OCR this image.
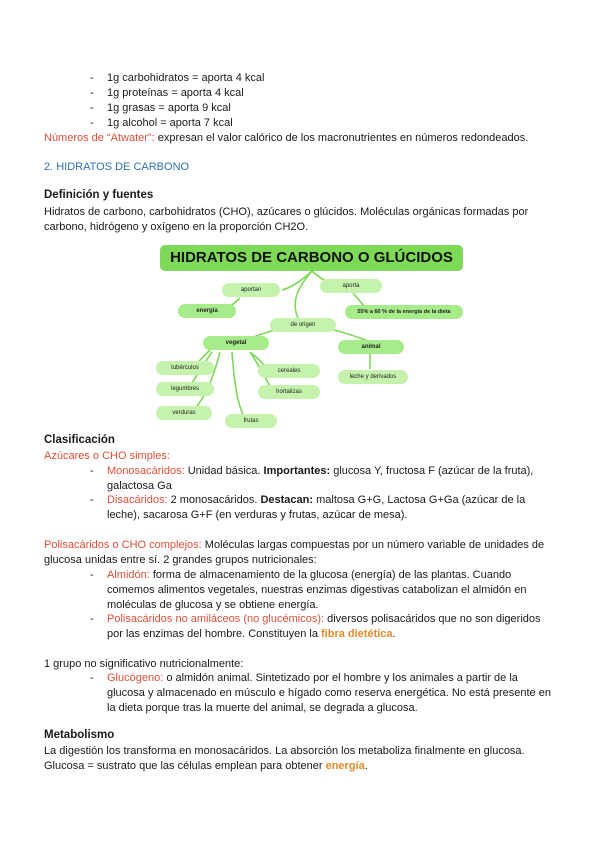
- 1g carbohidratos = aporta 4 kcal
- 1g proteínas = aporta 4 kcal
- 1g grasas = aporta 9 kcal
- 1g alcohol = aporta 7 kcal
Números de “Atwater”: expresan el valor calórico de los macronutrientes en números redondeados.
2. HIDRATOS DE CARBONO
Definición y fuentes
Hidratos de carbono, carbohidratos (CHO), azúcares o glúcidos. Moléculas orgánicas formadas por
carbono, hidrógeno y oxígeno en la proporción CH2O.
HIDRATOS DE CARBONO O GLÚCIDOS
aportan
energía
aporta
55% a 60 % de la energía de la dieta
de origen
vegetal
animal
tubérculos
legumbres
verduras
frutas
cereales
hortalizas
leche y derivados
Clasificación
Azúcares o CHO simples:
- Monosacáridos: Unidad básica. Importantes: glucosa Y, fructosa F (azúcar de la fruta),
galactosa Ga
- Disacáridos: 2 monosacáridos. Destacan: maltosa G+G, Lactosa G+Ga (azúcar de la
leche), sacarosa G+F (en verduras y frutas, azúcar de mesa).
Polisacáridos o CHO complejos: Moléculas largas compuestas por un número variable de unidades de
glucosa unidas entre sí. 2 grandes grupos nutricionales:
- Almidón: forma de almacenamiento de la glucosa (energía) de las plantas. Cuando
comemos alimentos vegetales, nuestras enzimas digestivas catabolizan el almidón en
moléculas de glucosa y se obtiene energía.
- Polisacáridos no amiláceos (no glucémicos): diversos polisacáridos que no son digeridos
por las enzimas del hombre. Constituyen la fibra dietética.
1 grupo no significativo nutricionalmente:
- Glucógeno: o almidón animal. Sintetizado por el hombre y los animales a partir de la
glucosa y almacenado en músculo e hígado como reserva energética. No está presente en
la dieta porque tras la muerte del animal, se degrada a glucosa.
Metabolismo
La digestión los transforma en monosacáridos. La absorción los metaboliza finalmente en glucosa.
Glucosa = sustrato que las células emplean para obtener energía.
